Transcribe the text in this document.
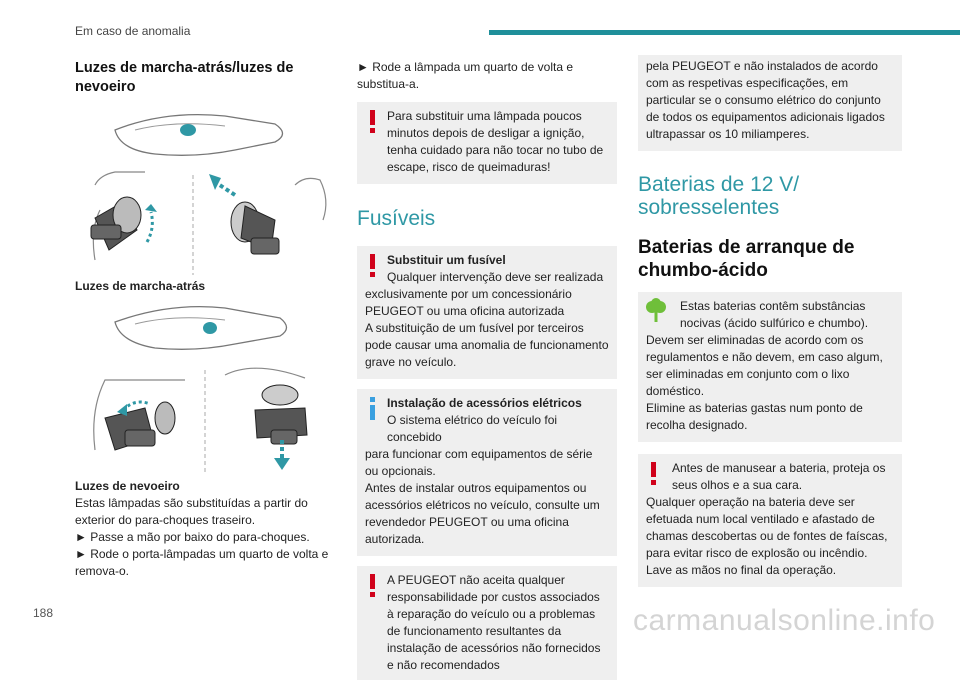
Em caso de anomalia
Luzes de marcha-atrás/luzes de nevoeiro
Luzes de marcha-atrás

Luzes de nevoeiro

Estas lâmpadas são substituídas a partir do exterior do para-choques traseiro.

► Passe a mão por baixo do para-choques.

► Rode o porta-lâmpadas um quarto de volta e remova-o.

► Rode a lâmpada um quarto de volta e substitua-a.

Para substituir uma lâmpada poucos
minutos depois de desligar a ignição, tenha cuidado para não tocar no tubo de escape, risco de queimaduras!

Fusíveis

Substituir um fusível
Qualquer intervenção deve ser realizada
exclusivamente por um concessionário PEUGEOT ou uma oficina autorizada
A substituição de um fusível por terceiros pode causar uma anomalia de funcionamento grave no veículo.
Instalação de acessórios elétricos
O sistema elétrico do veículo foi concebido
para funcionar com equipamentos de série ou opcionais.
Antes de instalar outros equipamentos ou acessórios elétricos no veículo, consulte um revendedor PEUGEOT ou uma oficina autorizada.
A PEUGEOT não aceita qualquer
responsabilidade por custos associados à reparação do veículo ou a problemas de funcionamento resultantes da instalação de acessórios não fornecidos e não recomendados
pela PEUGEOT e não instalados de acordo com as respetivas especificações, em particular se o consumo elétrico do conjunto de todos os equipamentos adicionais ligados ultrapassar os 10 miliamperes.

Baterias de 12 V/ sobresselentes

Baterias de arranque de chumbo-ácido

Estas baterias contêm substâncias
nocivas (ácido sulfúrico e chumbo).
Devem ser eliminadas de acordo com os regulamentos e não devem, em caso algum, ser eliminadas em conjunto com o lixo doméstico.
Elimine as baterias gastas num ponto de recolha designado.
Antes de manusear a bateria, proteja os
seus olhos e a sua cara.
Qualquer operação na bateria deve ser efetuada num local ventilado e afastado de chamas descobertas ou de fontes de faíscas, para evitar risco de explosão ou incêndio.
Lave as mãos no final da operação.
188	carmanualsonline.info
